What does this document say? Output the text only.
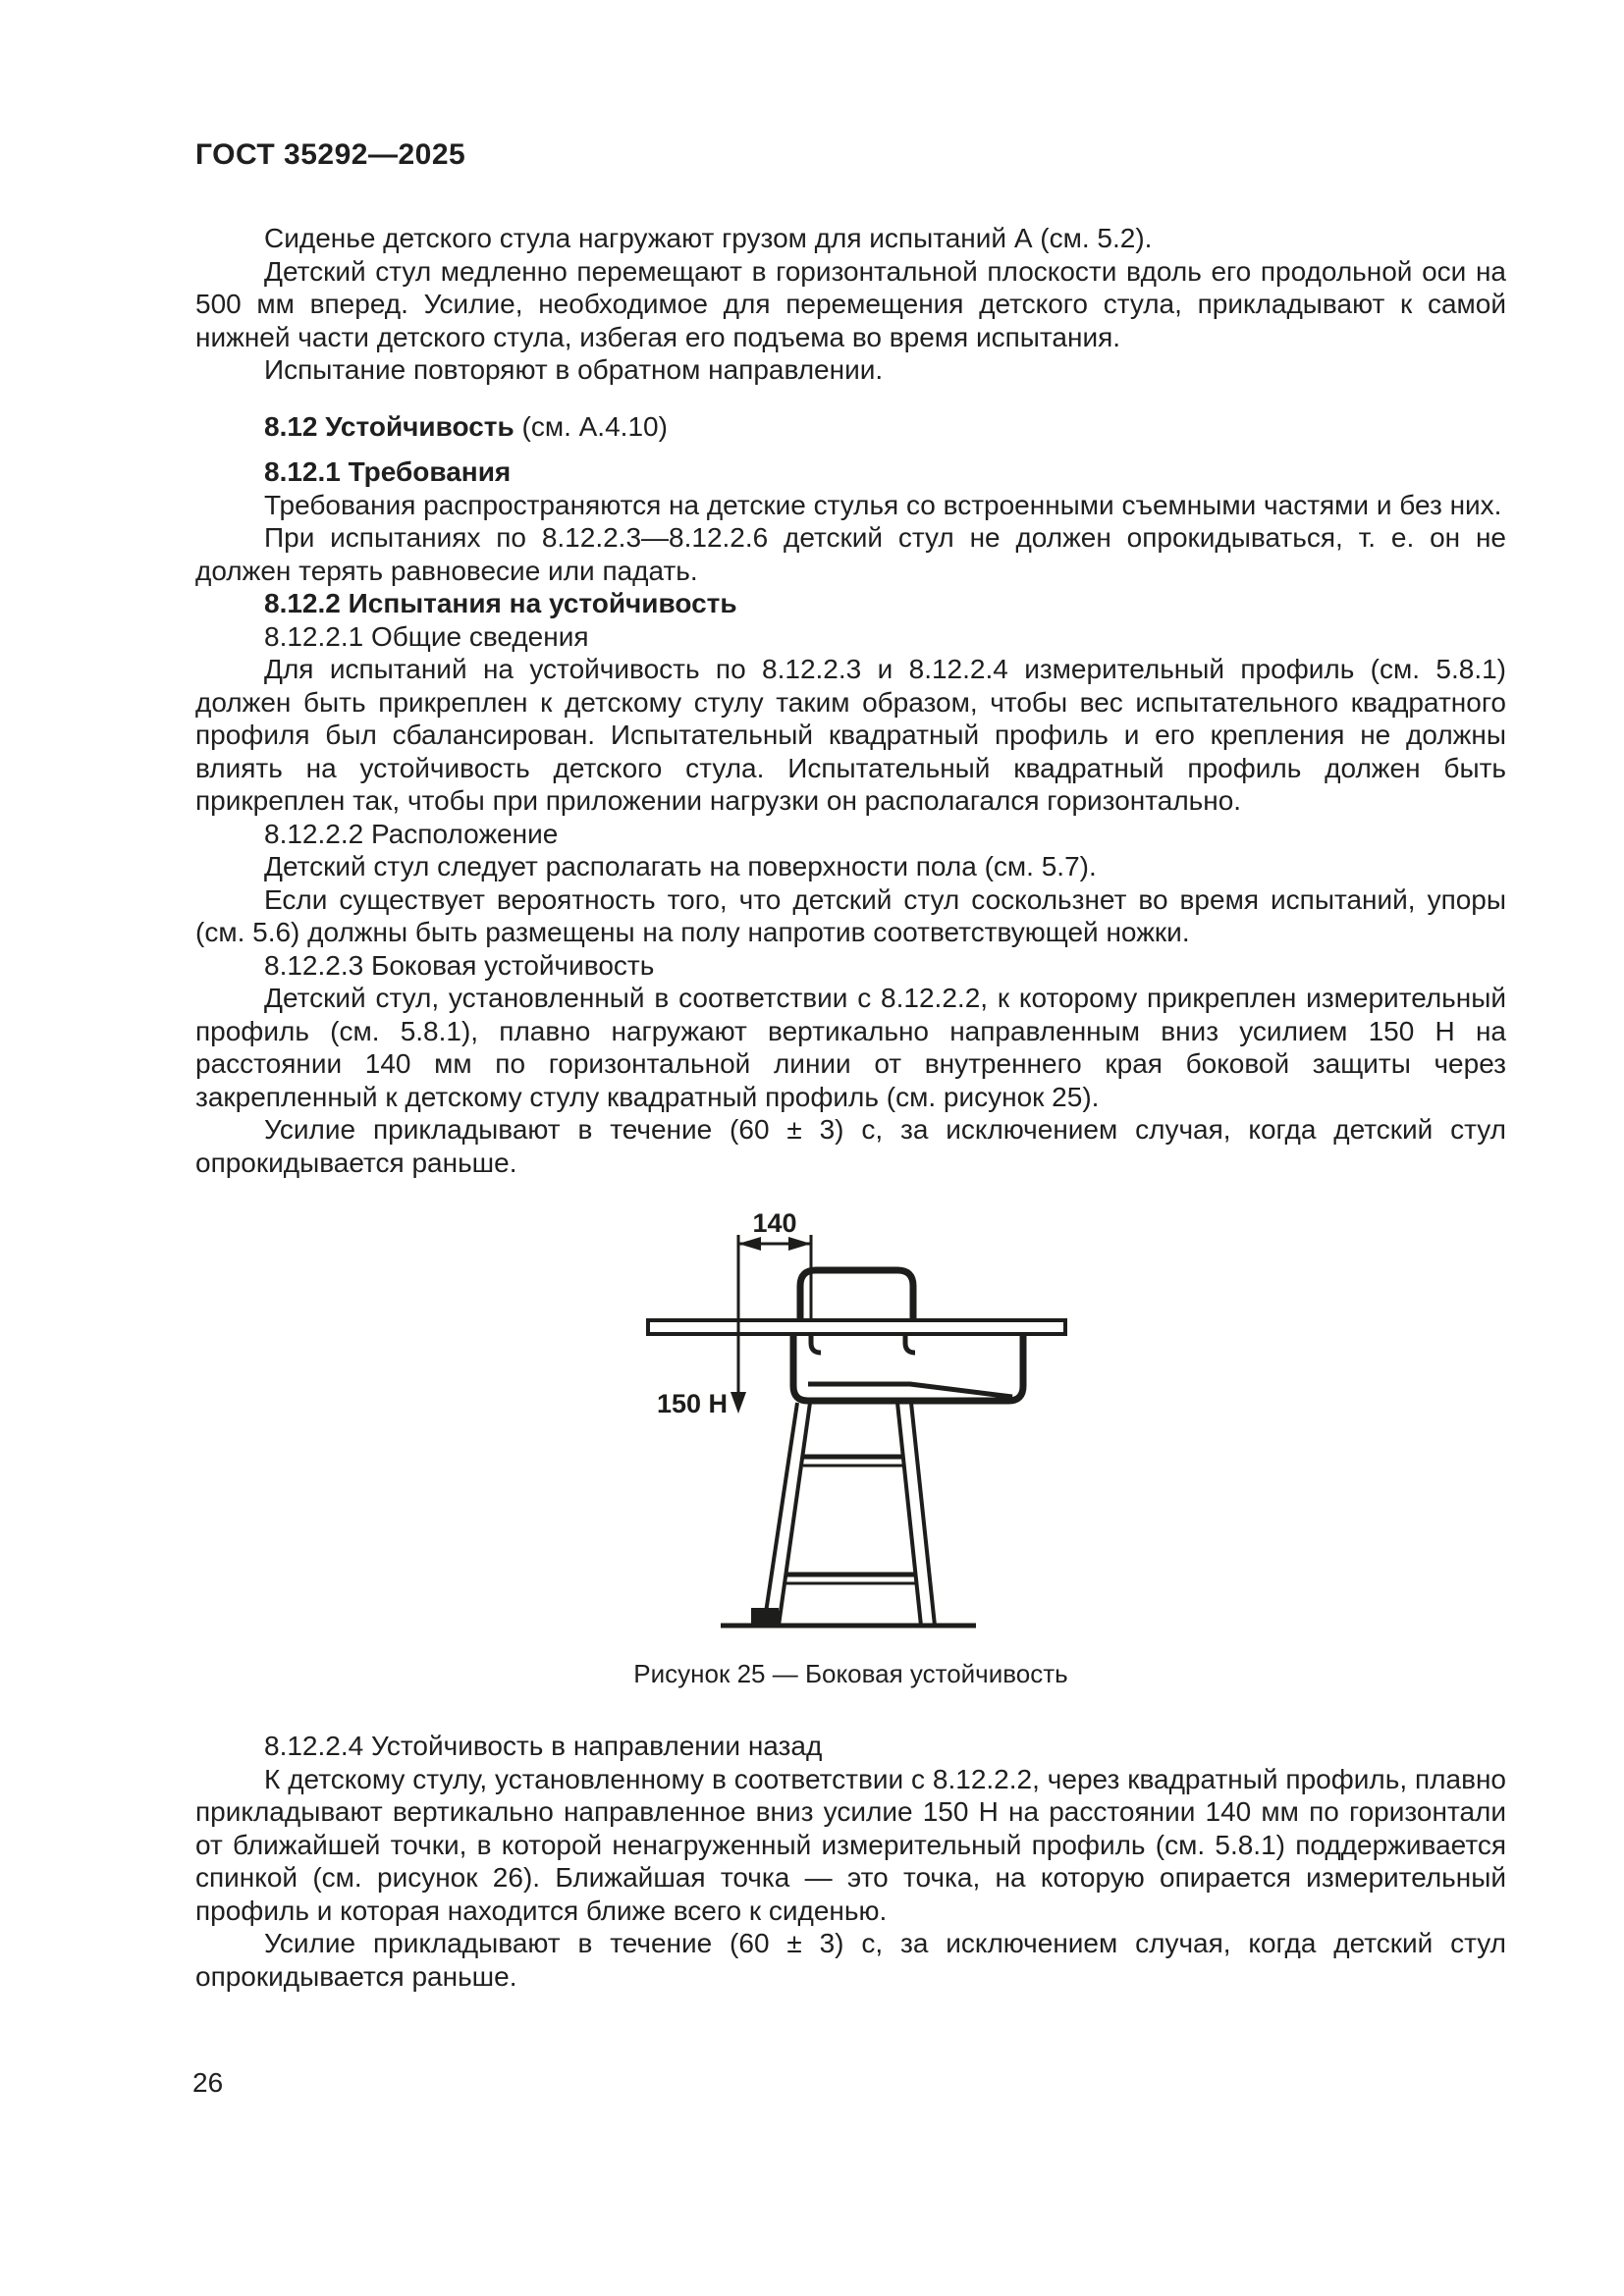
ГОСТ 35292—2025

Сиденье детского стула нагружают грузом для испытаний А (см. 5.2).

Детский стул медленно перемещают в горизонтальной плоскости вдоль его продольной оси на 500 мм вперед. Усилие, необходимое для перемещения детского стула, прикладывают к самой нижней части детского стула, избегая его подъема во время испытания.

Испытание повторяют в обратном направлении.

8.12 Устойчивость (см. А.4.10)

8.12.1 Требования

Требования распространяются на детские стулья со встроенными съемными частями и без них.

При испытаниях по 8.12.2.3—8.12.2.6 детский стул не должен опрокидываться, т. е. он не должен терять равновесие или падать.

8.12.2 Испытания на устойчивость

8.12.2.1 Общие сведения

Для испытаний на устойчивость по 8.12.2.3 и 8.12.2.4 измерительный профиль (см. 5.8.1) должен быть прикреплен к детскому стулу таким образом, чтобы вес испытательного квадратного профиля был сбалансирован. Испытательный квадратный профиль и его крепления не должны влиять на устойчивость детского стула. Испытательный квадратный профиль должен быть прикреплен так, чтобы при приложении нагрузки он располагался горизонтально.

8.12.2.2 Расположение

Детский стул следует располагать на поверхности пола (см. 5.7).

Если существует вероятность того, что детский стул соскользнет во время испытаний, упоры (см. 5.6) должны быть размещены на полу напротив соответствующей ножки.

8.12.2.3 Боковая устойчивость

Детский стул, установленный в соответствии с 8.12.2.2, к которому прикреплен измерительный профиль (см. 5.8.1), плавно нагружают вертикально направленным вниз усилием 150 Н на расстоянии 140 мм по горизонтальной линии от внутреннего края боковой защиты через закрепленный к детскому стулу квадратный профиль (см. рисунок 25).

Усилие прикладывают в течение (60 ± 3) с, за исключением случая, когда детский стул опрокидывается раньше.

140
150 Н
Рисунок 25 — Боковая устойчивость

8.12.2.4 Устойчивость в направлении назад

К детскому стулу, установленному в соответствии с 8.12.2.2, через квадратный профиль, плавно прикладывают вертикально направленное вниз усилие 150 Н на расстоянии 140 мм по горизонтали от ближайшей точки, в которой ненагруженный измерительный профиль (см. 5.8.1) поддерживается спинкой (см. рисунок 26). Ближайшая точка — это точка, на которую опирается измерительный профиль и которая находится ближе всего к сиденью.

Усилие прикладывают в течение (60 ± 3) с, за исключением случая, когда детский стул опрокидывается раньше.

26
